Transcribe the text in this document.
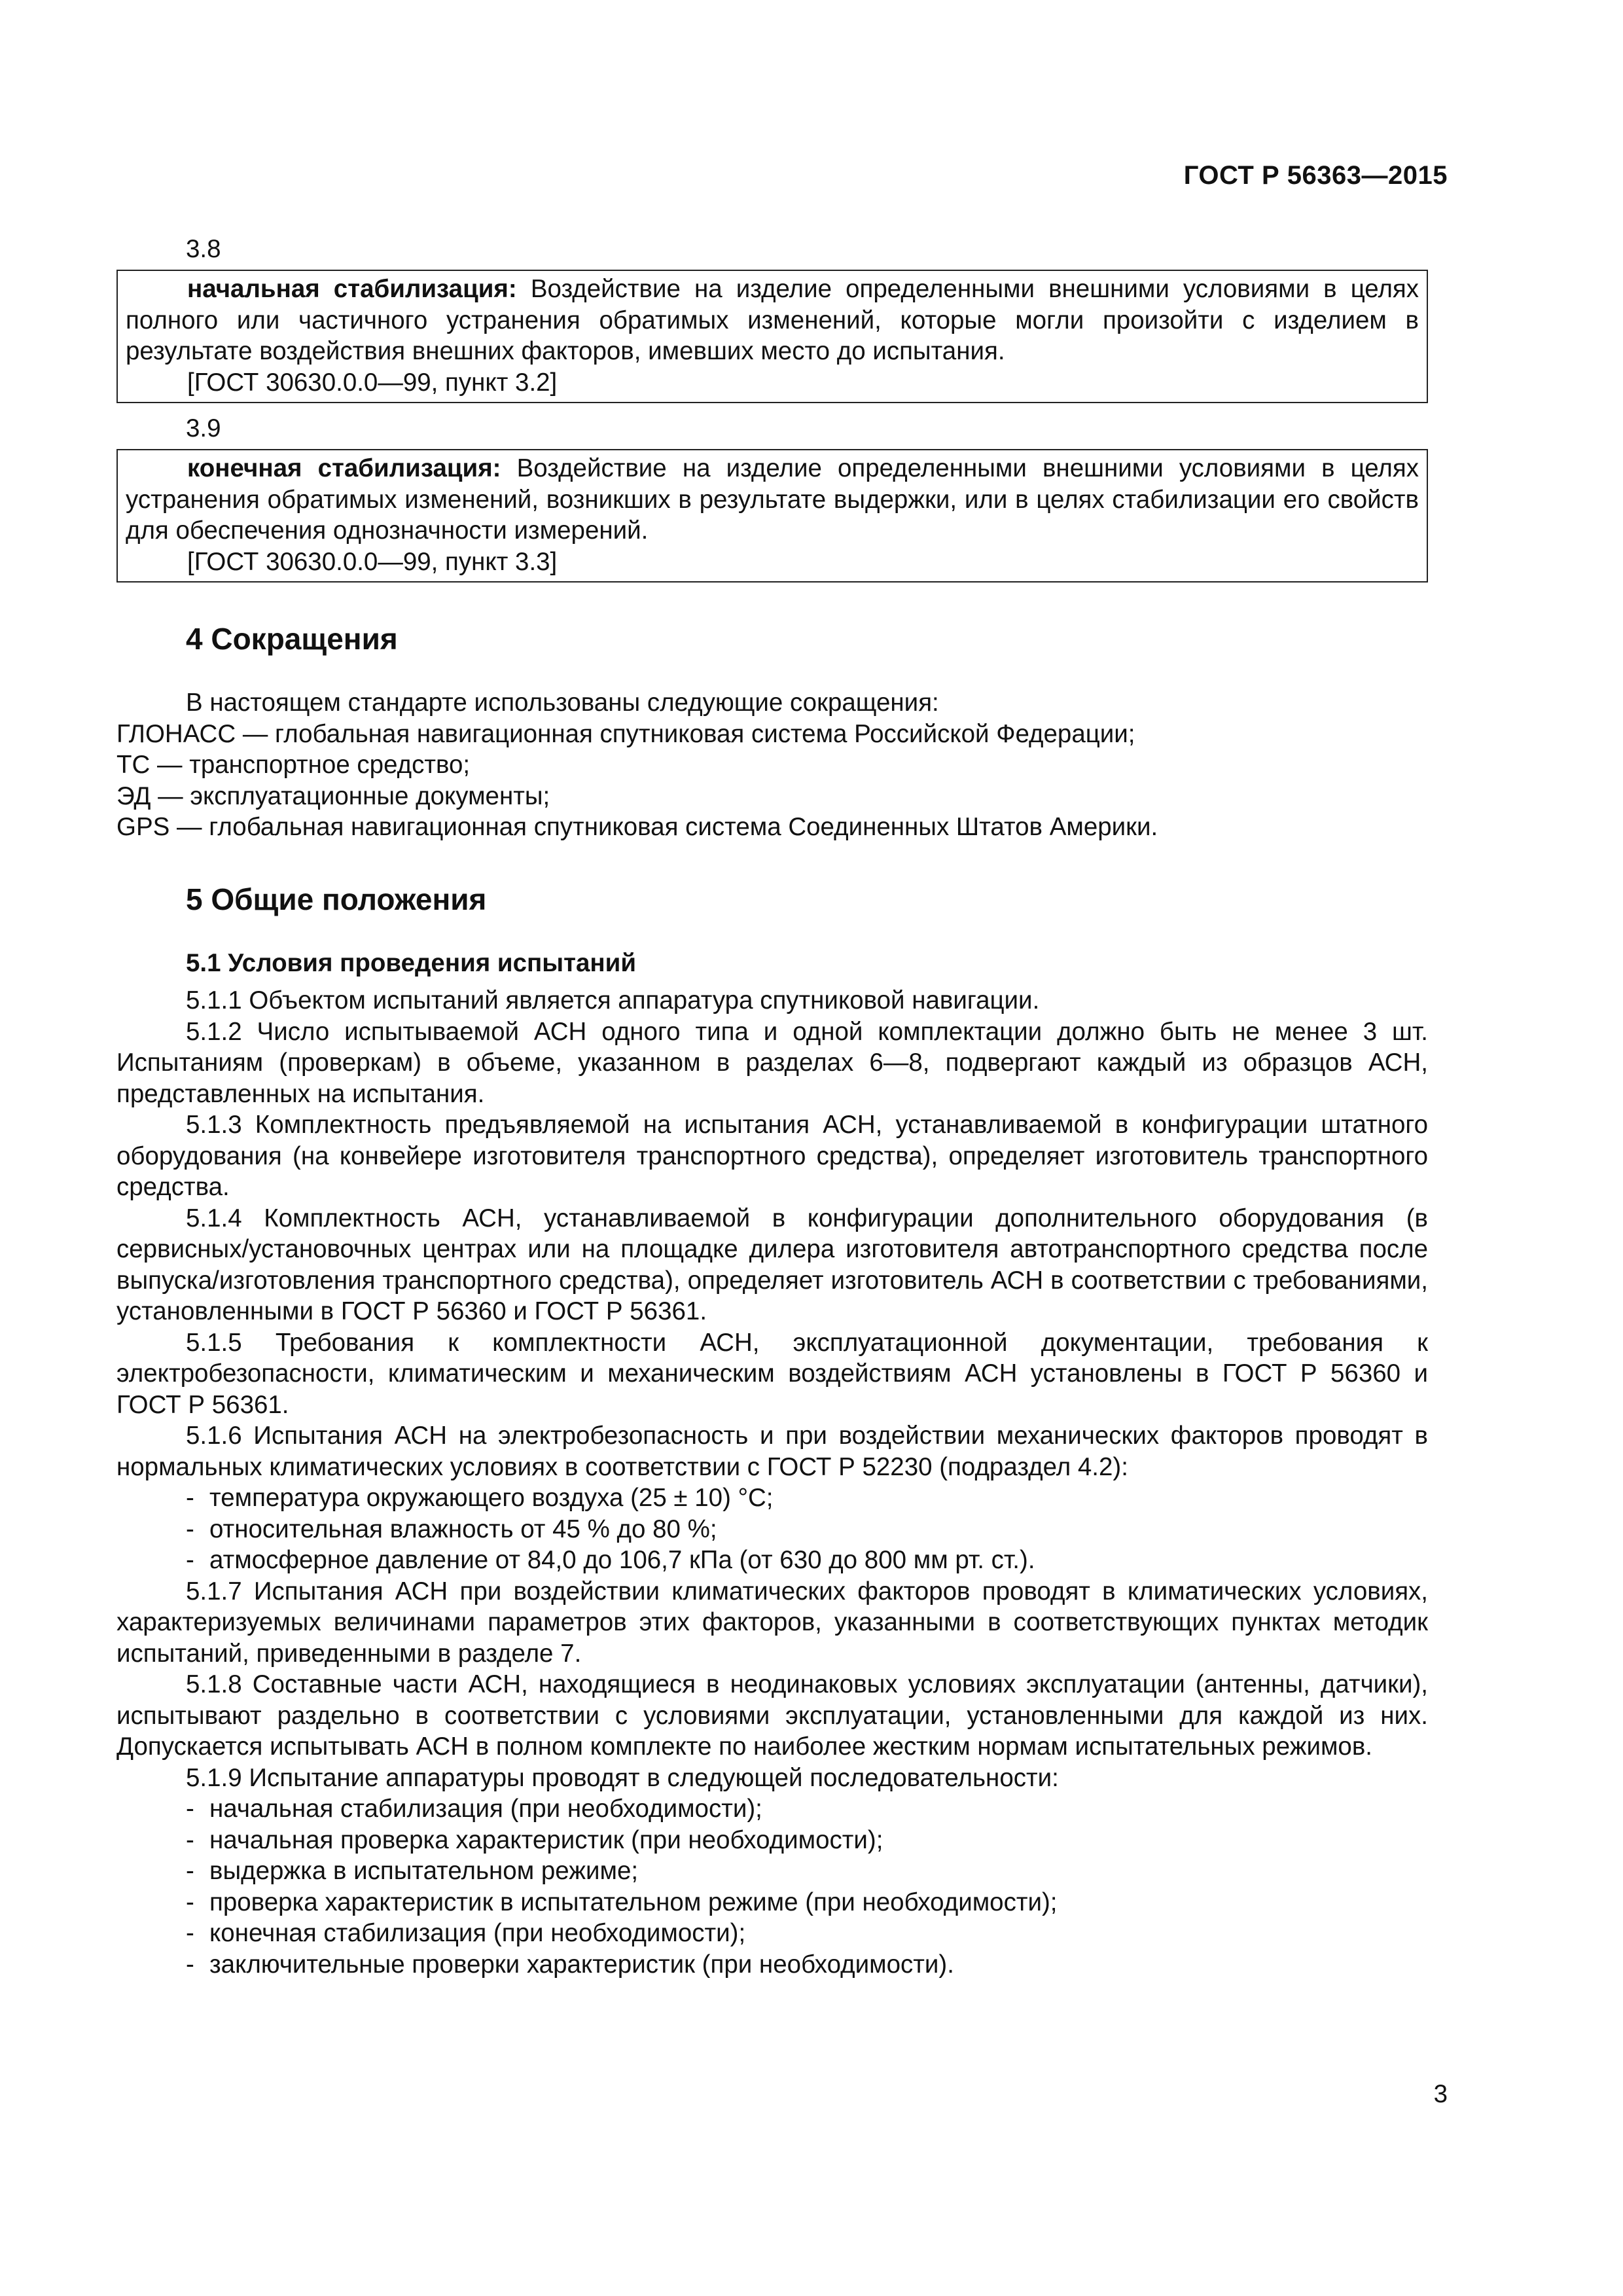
ГОСТ Р 56363—2015
3.8

начальная стабилизация: Воздействие на изделие определенными внешними условиями в целях полного или частичного устранения обратимых изменений, которые могли произойти с изделием в результате воздействия внешних факторов, имевших место до испытания.

[ГОСТ 30630.0.0—99, пункт 3.2]

3.9

конечная стабилизация: Воздействие на изделие определенными внешними условиями в целях устранения обратимых изменений, возникших в результате выдержки, или в целях стабилизации его свойств для обеспечения однозначности измерений.

[ГОСТ 30630.0.0—99, пункт 3.3]

4 Сокращения
В настоящем стандарте использованы следующие сокращения:
ГЛОНАСС — глобальная навигационная спутниковая система Российской Федерации;
ТС — транспортное средство;
ЭД — эксплуатационные документы;
GPS — глобальная навигационная спутниковая система Соединенных Штатов Америки.
5 Общие положения
5.1 Условия проведения испытаний

5.1.1 Объектом испытаний является аппаратура спутниковой навигации.

5.1.2 Число испытываемой АСН одного типа и одной комплектации должно быть не менее 3 шт. Испытаниям (проверкам) в объеме, указанном в разделах 6—8, подвергают каждый из образцов АСН, представленных на испытания.

5.1.3 Комплектность предъявляемой на испытания АСН, устанавливаемой в конфигурации штатного оборудования (на конвейере изготовителя транспортного средства), определяет изготовитель транспортного средства.

5.1.4 Комплектность АСН, устанавливаемой в конфигурации дополнительного оборудования (в сервисных/установочных центрах или на площадке дилера изготовителя автотранспортного средства после выпуска/изготовления транспортного средства), определяет изготовитель АСН в соответствии с требованиями, установленными в ГОСТ Р 56360 и ГОСТ Р 56361.

5.1.5 Требования к комплектности АСН, эксплуатационной документации, требования к электробезопасности, климатическим и механическим воздействиям АСН установлены в ГОСТ Р 56360 и ГОСТ Р 56361.

5.1.6 Испытания АСН на электробезопасность и при воздействии механических факторов проводят в нормальных климатических условиях в соответствии с ГОСТ Р 52230 (подраздел 4.2):

- температура окружающего воздуха (25 ± 10) °С;
- относительная влажность от 45 % до 80 %;
- атмосферное давление от 84,0 до 106,7 кПа (от 630 до 800 мм рт. ст.).

5.1.7 Испытания АСН при воздействии климатических факторов проводят в климатических условиях, характеризуемых величинами параметров этих факторов, указанными в соответствующих пунктах методик испытаний, приведенными в разделе 7.

5.1.8 Составные части АСН, находящиеся в неодинаковых условиях эксплуатации (антенны, датчики), испытывают раздельно в соответствии с условиями эксплуатации, установленными для каждой из них. Допускается испытывать АСН в полном комплекте по наиболее жестким нормам испытательных режимов.

5.1.9 Испытание аппаратуры проводят в следующей последовательности:

- начальная стабилизация (при необходимости);
- начальная проверка характеристик (при необходимости);
- выдержка в испытательном режиме;
- проверка характеристик в испытательном режиме (при необходимости);
- конечная стабилизация (при необходимости);
- заключительные проверки характеристик (при необходимости).
3
